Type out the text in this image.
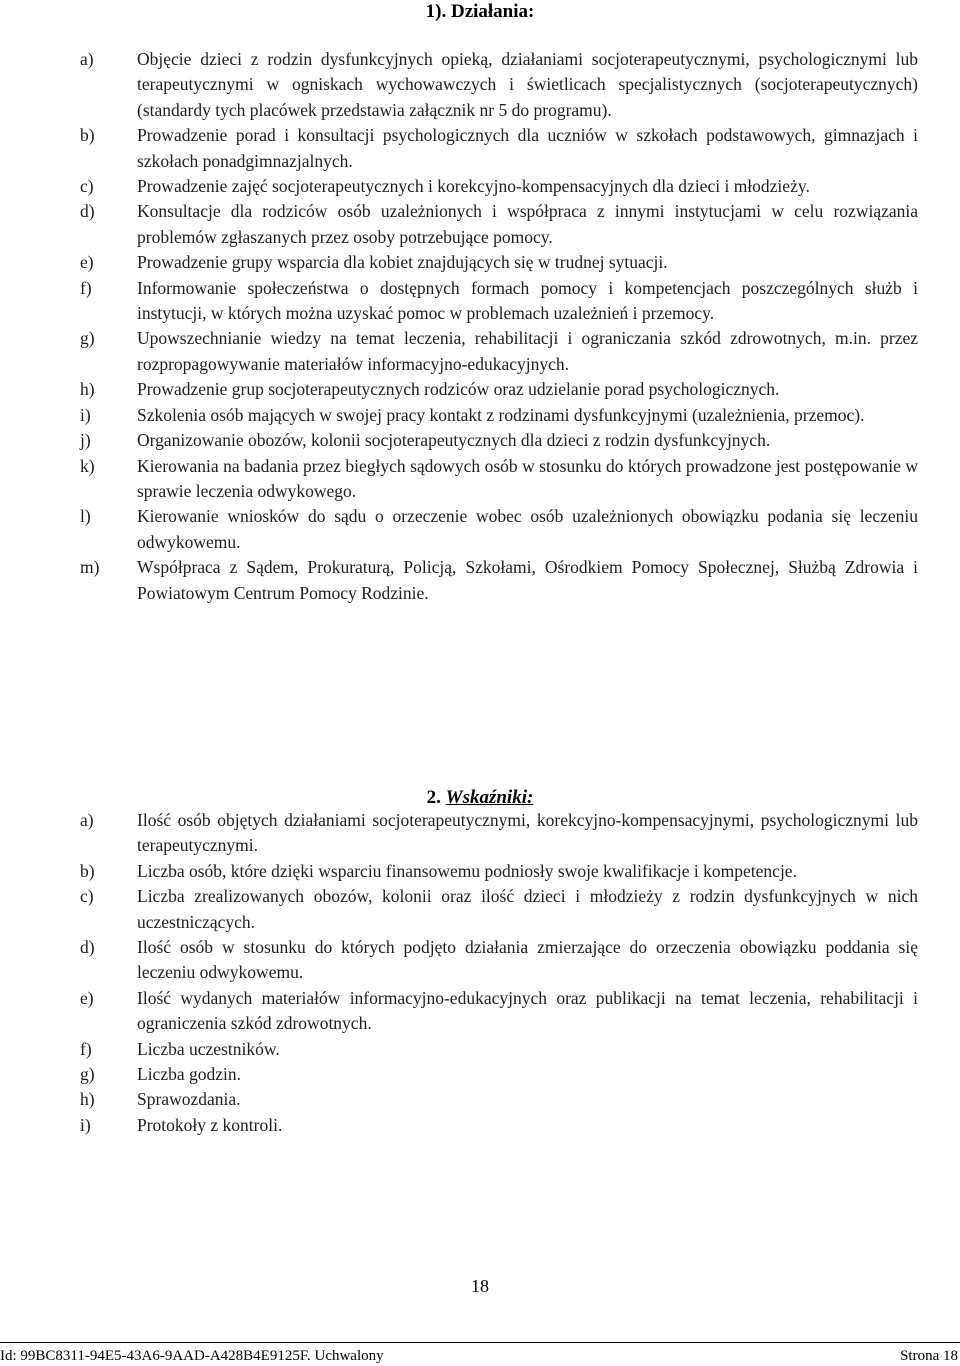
1). Działania:
a)	Objęcie dzieci z rodzin dysfunkcyjnych opieką, działaniami socjoterapeutycznymi, psychologicznymi lub terapeutycznymi w ogniskach wychowawczych i świetlicach specjalistycznych (socjoterapeutycznych) (standardy tych placówek przedstawia załącznik nr 5 do programu).
b)	Prowadzenie porad i konsultacji psychologicznych dla uczniów w szkołach podstawowych, gimnazjach i szkołach ponadgimnazjalnych.
c)	Prowadzenie zajęć socjoterapeutycznych i korekcyjno-kompensacyjnych dla dzieci i młodzieży.
d)	Konsultacje dla rodziców osób uzależnionych i współpraca z innymi instytucjami w celu rozwiązania problemów zgłaszanych przez osoby potrzebujące pomocy.
e)	Prowadzenie grupy wsparcia dla kobiet znajdujących się w trudnej sytuacji.
f)	Informowanie społeczeństwa o dostępnych formach pomocy i kompetencjach poszczególnych służb i instytucji, w których można uzyskać pomoc w problemach uzależnień i przemocy.
g)	Upowszechnianie wiedzy na temat leczenia, rehabilitacji i ograniczania szkód zdrowotnych, m.in. przez rozpropagowywanie materiałów informacyjno-edukacyjnych.
h)	Prowadzenie grup socjoterapeutycznych rodziców oraz udzielanie porad psychologicznych.
i)	Szkolenia osób mających w swojej pracy kontakt z rodzinami dysfunkcyjnymi (uzależnienia, przemoc).
j)	Organizowanie obozów, kolonii socjoterapeutycznych dla dzieci z rodzin dysfunkcyjnych.
k)	Kierowania na badania przez biegłych sądowych osób w stosunku do których prowadzone jest postępowanie w sprawie leczenia odwykowego.
l)	Kierowanie wniosków do sądu o orzeczenie wobec osób uzależnionych obowiązku podania się leczeniu odwykowemu.
m)	Współpraca z Sądem, Prokuraturą, Policją, Szkołami, Ośrodkiem Pomocy Społecznej, Służbą Zdrowia i Powiatowym Centrum Pomocy Rodzinie.
2. Wskaźniki:
a)	Ilość osób objętych działaniami socjoterapeutycznymi, korekcyjno-kompensacyjnymi, psychologicznymi lub terapeutycznymi.
b)	Liczba osób, które dzięki wsparciu finansowemu podniosły swoje kwalifikacje i kompetencje.
c)	Liczba zrealizowanych obozów, kolonii oraz ilość dzieci i młodzieży z rodzin dysfunkcyjnych w nich uczestniczących.
d)	Ilość osób w stosunku do których podjęto działania zmierzające do orzeczenia obowiązku poddania się leczeniu odwykowemu.
e)	Ilość wydanych materiałów informacyjno-edukacyjnych oraz publikacji na temat leczenia, rehabilitacji i ograniczenia szkód zdrowotnych.
f)	Liczba uczestników.
g)	Liczba godzin.
h)	Sprawozdania.
i)	Protokoły z kontroli.
18
Id: 99BC8311-94E5-43A6-9AAD-A428B4E9125F. Uchwalony	Strona 18
